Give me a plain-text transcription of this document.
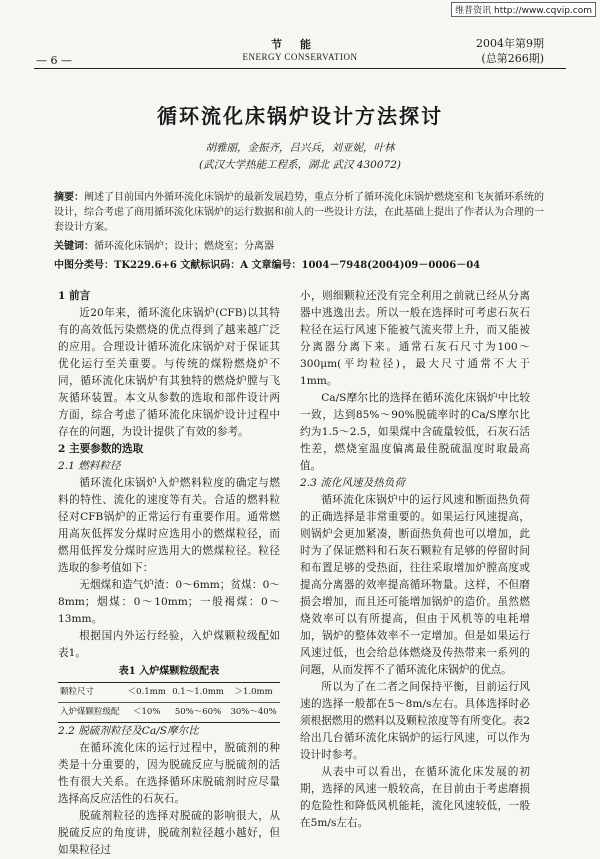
维普资讯 http://www.cqvip.com
— 6 —
节能
ENERGY CONSERVATION
2004年第9期
(总第266期)
循环流化床锅炉设计方法探讨
胡雅丽，金振齐，吕兴兵，刘亚妮，叶林
(武汉大学热能工程系，湖北 武汉 430072)
摘要：阐述了目前国内外循环流化床锅炉的最新发展趋势，重点分析了循环流化床锅炉燃烧室和飞灰循环系统的设计，综合考虑了商用循环流化床锅炉的运行数据和前人的一些设计方法，在此基础上提出了作者认为合理的一套设计方案。
关键词：循环流化床锅炉；设计；燃烧室；分离器
中图分类号：TK229.6+6 文献标识码：A 文章编号：1004－7948(2004)09－0006－04
1 前言

近20年来，循环流化床锅炉(CFB)以其特有的高效低污染燃烧的优点得到了越来越广泛的应用。合理设计循环流化床锅炉对于保证其优化运行至关重要。与传统的煤粉燃烧炉不同，循环流化床锅炉有其独特的燃烧炉膛与飞灰循环装置。本文从参数的选取和部件设计两方面，综合考虑了循环流化床锅炉设计过程中存在的问题，为设计提供了有效的参考。

2 主要参数的选取
2.1 燃料粒径

循环流化床锅炉入炉燃料粒度的确定与燃料的特性、流化的速度等有关。合适的燃料粒径对CFB锅炉的正常运行有重要作用。通常燃用高灰低挥发分煤时应选用小的燃煤粒径，而燃用低挥发分煤时应选用大的燃煤粒径。粒径选取的参考值如下：

无烟煤和造气炉渣：0～6mm；贫煤：0～8mm；烟煤：0～10mm；一般褐煤：0～13mm。

根据国内外运行经验，入炉煤颗粒级配如表1。

表1 入炉煤颗粒级配表
颗粒尺寸	＜0.1mm	0.1～1.0mm	＞1.0mm
入炉煤颗粒级配	＜10%	50%～60%	30%～40%
2.2 脱硫剂粒径及Ca/S摩尔比

在循环流化床的运行过程中，脱硫剂的种类是十分重要的，因为脱硫反应与脱硫剂的活性有很大关系。在选择循环床脱硫剂时应尽量选择高反应活性的石灰石。

脱硫剂粒径的选择对脱硫的影响很大，从脱硫反应的角度讲，脱硫剂粒径越小越好，但如果粒径过

小，则细颗粒还没有完全利用之前就已经从分离器中逃逸出去。所以一般在选择时可考虑石灰石粒径在运行风速下能被气流夹带上升，而又能被分离器分离下来。通常石灰石尺寸为100～300μm(平均粒径)，最大尺寸通常不大于1mm。

Ca/S摩尔比的选择在循环流化床锅炉中比较一致，达到85%～90%脱硫率时的Ca/S摩尔比约为1.5～2.5，如果煤中含硫量较低，石灰石活性差，燃烧室温度偏离最佳脱硫温度时取最高值。

2.3 流化风速及热负荷

循环流化床锅炉中的运行风速和断面热负荷的正确选择是非常重要的。如果运行风速提高，则锅炉会更加紧凑，断面热负荷也可以增加，此时为了保证燃料和石灰石颗粒有足够的停留时间和布置足够的受热面，往往采取增加炉膛高度或提高分离器的效率提高循环物量。这样，不但磨损会增加，而且还可能增加锅炉的造价。虽然燃烧效率可以有所提高，但由于风机等的电耗增加，锅炉的整体效率不一定增加。但是如果运行风速过低，也会给总体燃烧及传热带来一系列的问题，从而发挥不了循环流化床锅炉的优点。

所以为了在二者之间保持平衡，目前运行风速的选择一般都在5～8m/s左右。具体选择时必须根据燃用的燃料以及颗粒浓度等有所变化。表2给出几台循环流化床锅炉的运行风速，可以作为设计时参考。

从表中可以看出，在循环流化床发展的初期，选择的风速一般较高，在目前由于考虑磨损的危险性和降低风机能耗，流化风速较低，一般在5m/s左右。
